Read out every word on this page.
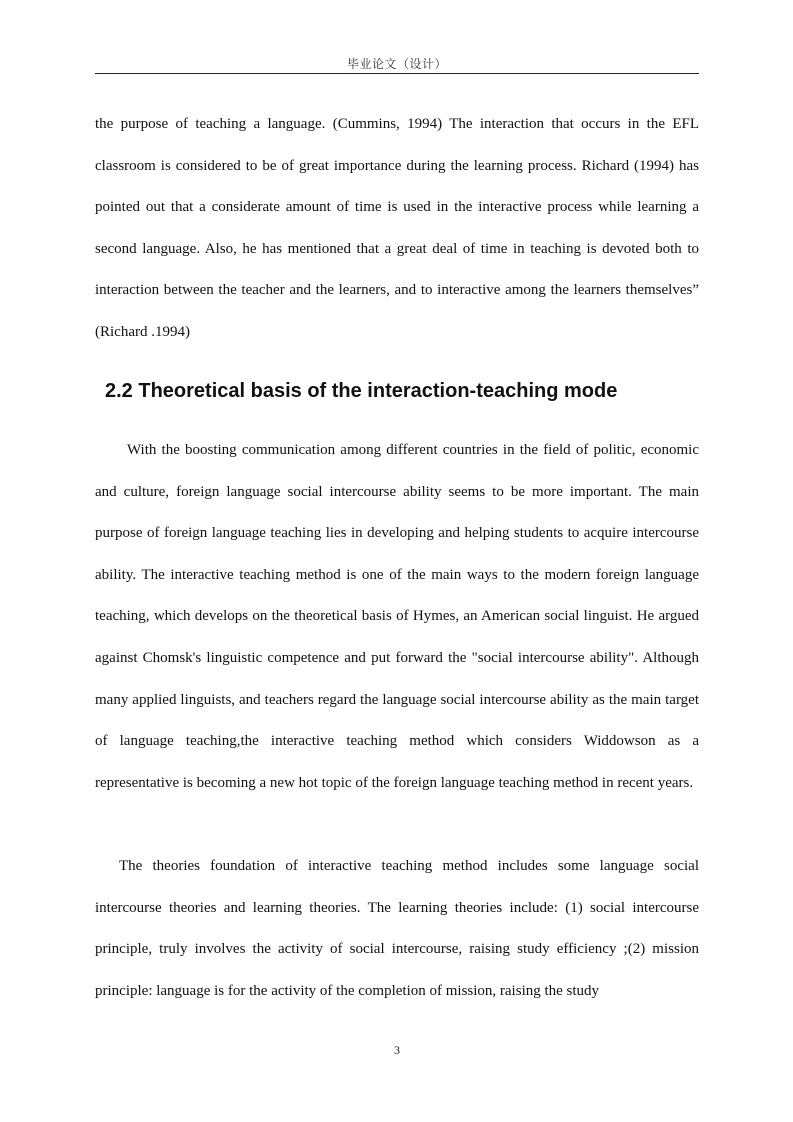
毕业论文（设计）

the purpose of teaching a language. (Cummins, 1994) The interaction that occurs in the EFL classroom is considered to be of great importance during the learning process. Richard (1994) has pointed out that a considerate amount of time is used in the interactive process while learning a second language. Also, he has mentioned that a great deal of time in teaching is devoted both to interaction between the teacher and the learners, and to interactive among the learners themselves” (Richard .1994)

2.2 Theoretical basis of the interaction-teaching mode

With the boosting communication among different countries in the field of politic, economic and culture, foreign language social intercourse ability seems to be more important. The main purpose of foreign language teaching lies in developing and helping students to acquire intercourse ability. The interactive teaching method is one of the main ways to the modern foreign language teaching, which develops on the theoretical basis of Hymes, an American social linguist. He argued against Chomsk's linguistic competence and put forward the "social intercourse ability". Although many applied linguists, and teachers regard the language social intercourse ability as the main target of language teaching,the interactive teaching method which considers Widdowson as a representative is becoming a new hot topic of the foreign language teaching method in recent years.

The theories foundation of interactive teaching method includes some language social intercourse theories and learning theories. The learning theories include: (1) social intercourse principle, truly involves the activity of social intercourse, raising study efficiency ;(2) mission principle: language is for the activity of the completion of mission, raising the study

3
